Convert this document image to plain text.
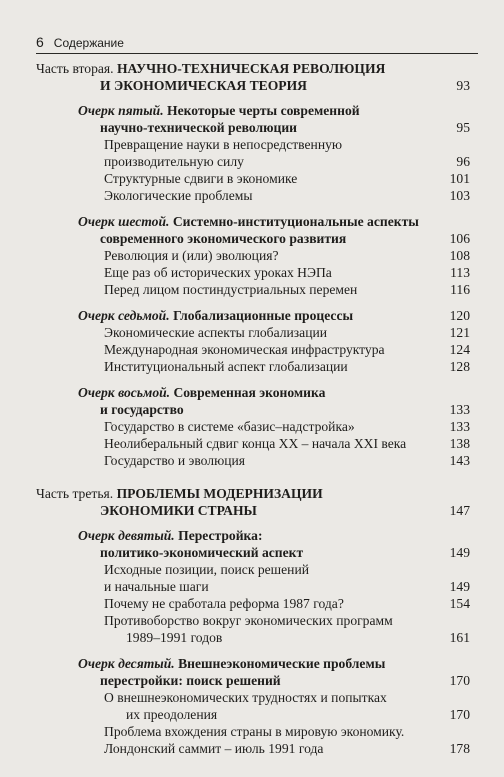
6 Содержание
Часть вторая. НАУЧНО-ТЕХНИЧЕСКАЯ РЕВОЛЮЦИЯ
И ЭКОНОМИЧЕСКАЯ ТЕОРИЯ	93
Очерк пятый. Некоторые черты современной
научно-технической революции	95
Превращение науки в непосредственную
производительную силу	96
Структурные сдвиги в экономике	101
Экологические проблемы	103
Очерк шестой. Системно-институциональные аспекты
современного экономического развития	106
Революция и (или) эволюция?	108
Еще раз об исторических уроках НЭПа	113
Перед лицом постиндустриальных перемен	116
Очерк седьмой. Глобализационные процессы	120
Экономические аспекты глобализации	121
Международная экономическая инфраструктура	124
Институциональный аспект глобализации	128
Очерк восьмой. Современная экономика
и государство	133
Государство в системе «базис–надстройка»	133
Неолиберальный сдвиг конца XX – начала XXI века	138
Государство и эволюция	143
Часть третья. ПРОБЛЕМЫ МОДЕРНИЗАЦИИ
ЭКОНОМИКИ СТРАНЫ	147
Очерк девятый. Перестройка:
политико-экономический аспект	149
Исходные позиции, поиск решений
и начальные шаги	149
Почему не сработала реформа 1987 года?	154
Противоборство вокруг экономических программ
1989–1991 годов	161
Очерк десятый. Внешнеэкономические проблемы
перестройки: поиск решений	170
О внешнеэкономических трудностях и попытках
их преодоления	170
Проблема вхождения страны в мировую экономику.
Лондонский саммит – июль 1991 года	178
